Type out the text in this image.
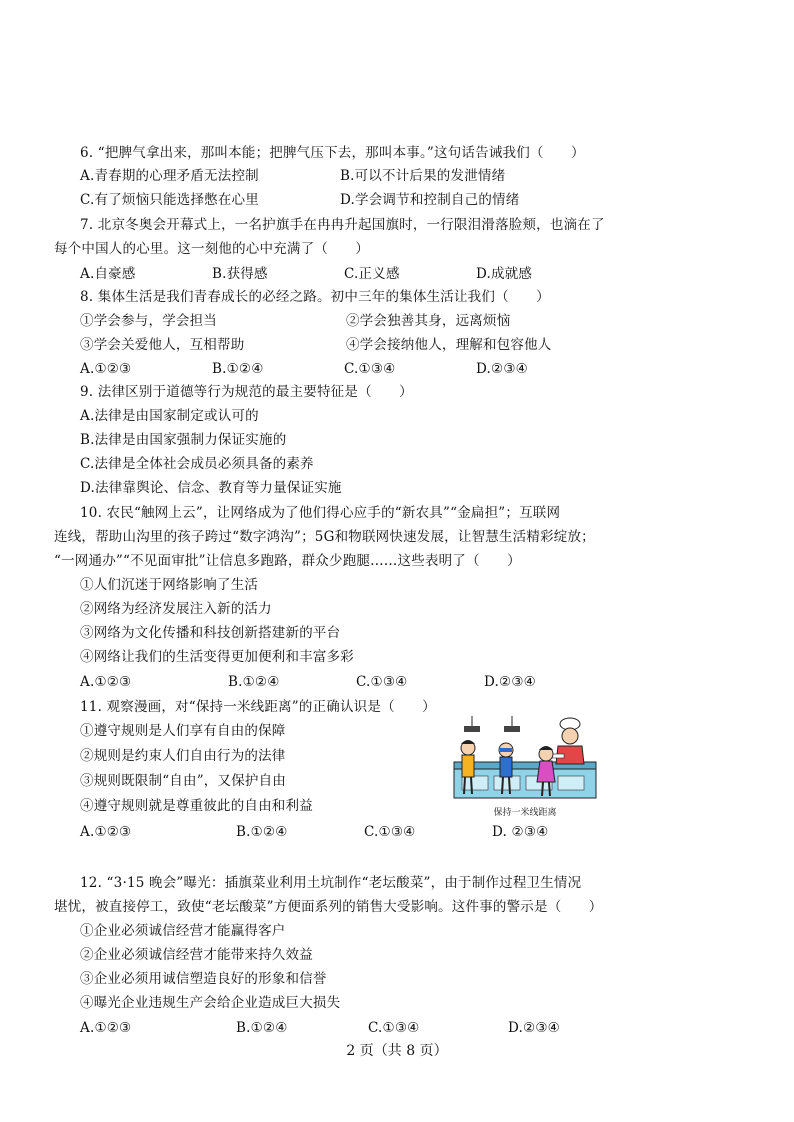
6. “把脾气拿出来，那叫本能；把脾气压下去，那叫本事。”这句话告诫我们（　　）
A.青春期的心理矛盾无法控制	B.可以不计后果的发泄情绪
C.有了烦恼只能选择憋在心里	D.学会调节和控制自己的情绪
7. 北京冬奥会开幕式上，一名护旗手在冉冉升起国旗时，一行限泪滑落脸颊，也滴在了
每个中国人的心里。这一刻他的心中充满了（　　）
A.自豪感	B.获得感	C.正义感	D.成就感
8. 集体生活是我们青春成长的必经之路。初中三年的集体生活让我们（　　）
①学会参与，学会担当	②学会独善其身，远离烦恼
③学会关爱他人，互相帮助	④学会接纳他人，理解和包容他人
A.①②③	B.①②④	C.①③④	D.②③④
9. 法律区别于道德等行为规范的最主要特征是（　　）
A.法律是由国家制定或认可的
B.法律是由国家强制力保证实施的
C.法律是全体社会成员必须具备的素养
D.法律靠舆论、信念、教育等力量保证实施
10. 农民“触网上云”，让网络成为了他们得心应手的“新农具”“金扁担”；互联网
连线，帮助山沟里的孩子跨过“数字鸿沟”；5G和物联网快速发展，让智慧生活精彩绽放；
“一网通办”“不见面审批”让信息多跑路，群众少跑腿……这些表明了（　　）
①人们沉迷于网络影响了生活
②网络为经济发展注入新的活力
③网络为文化传播和科技创新搭建新的平台
④网络让我们的生活变得更加便利和丰富多彩
A.①②③	B.①②④	C.①③④	D.②③④
11. 观察漫画，对“保持一米线距离”的正确认识是（　　）
①遵守规则是人们享有自由的保障
②规则是约束人们自由行为的法律
③规则既限制“自由”，又保护自由
④遵守规则就是尊重彼此的自由和利益
A.①②③	B.①②④	C.①③④	D. ②③④
保持一米线距离
12. “3·15 晚会”曝光：插旗菜业利用土坑制作“老坛酸菜”，由于制作过程卫生情况
堪忧，被直接停工，致使“老坛酸菜”方便面系列的销售大受影响。这件事的警示是（　　）
①企业必须诚信经营才能赢得客户
②企业必须诚信经营才能带来持久效益
③企业必须用诚信塑造良好的形象和信誉
④曝光企业违规生产会给企业造成巨大损失
A.①②③	B.①②④	C.①③④	D.②③④
2 页（共 8 页）
